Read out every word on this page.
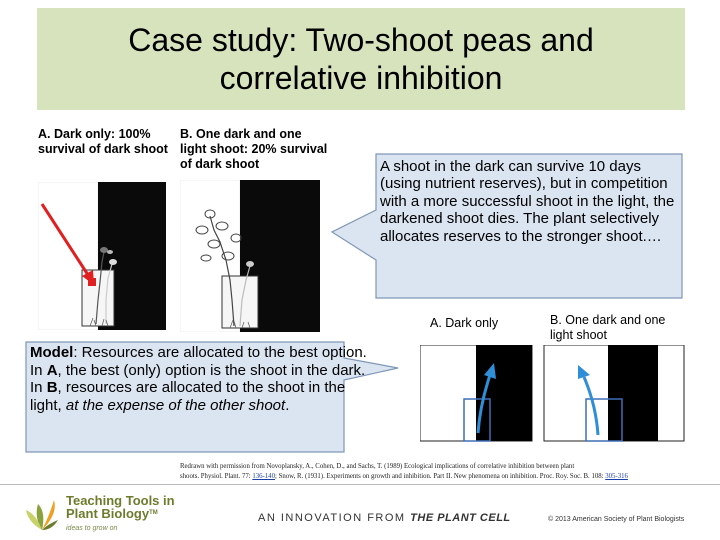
Case study: Two-shoot peas and correlative inhibition
A. Dark only: 100% survival of dark shoot
B. One dark and one light shoot: 20% survival of dark shoot	A shoot in the dark can survive 10 days (using nutrient reserves), but in competition with a more successful shoot in the light, the darkened shoot dies. The plant selectively allocates reserves to the stronger shoot.…
A. Dark only	B. One dark and one light shoot
Model: Resources are allocated to the best option. In A, the best (only) option is the shoot in the dark. In B, resources are allocated to the shoot in the light, at the expense of the other shoot.
Redrawn with permission from Novoplansky, A., Cohen, D., and Sachs, T. (1989) Ecological implications of correlative inhibition between plant
shoots. Physiol. Plant. 77: 136-140; Snow, R. (1931). Experiments on growth and inhibition. Part II. New phenomena on inhibition. Proc. Roy. Soc. B. 108: 305-316
Teaching Tools in Plant Biology™
ideas to grow on
AN INNOVATION FROM THE PLANT CELL	© 2013 American Society of Plant Biologists
